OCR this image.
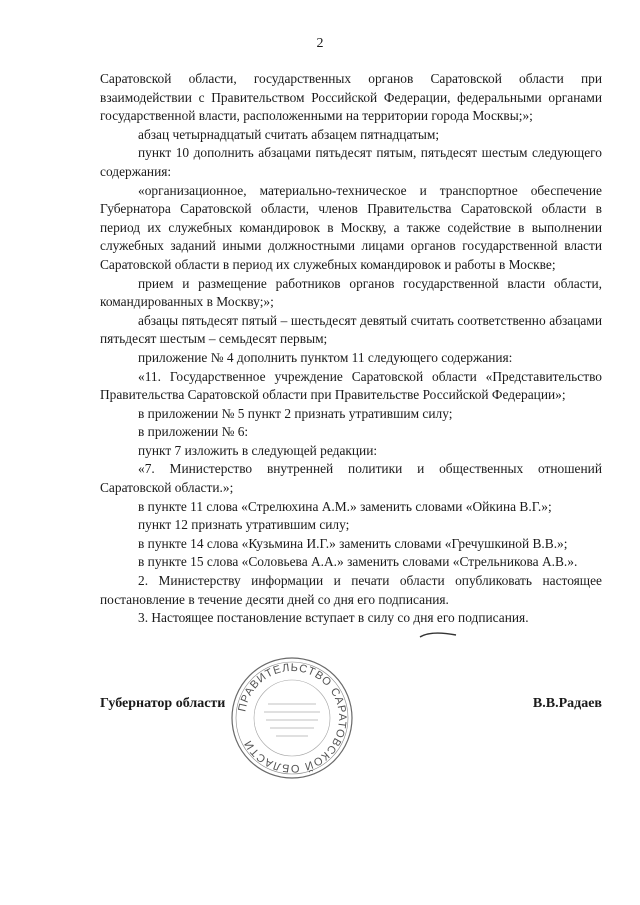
2

Саратовской области, государственных органов Саратовской области при взаимодействии с Правительством Российской Федерации, федеральными органами государственной власти, расположенными на территории города Москвы;»;

абзац четырнадцатый считать абзацем пятнадцатым;

пункт 10 дополнить абзацами пятьдесят пятым, пятьдесят шестым следующего содержания:

«организационное, материально-техническое и транспортное обеспечение Губернатора Саратовской области, членов Правительства Саратовской области в период их служебных командировок в Москву, а также содействие в выполнении служебных заданий иными должностными лицами органов государственной власти Саратовской области в период их служебных командировок и работы в Москве;

прием и размещение работников органов государственной власти области, командированных в Москву;»;

абзацы пятьдесят пятый – шестьдесят девятый считать соответственно абзацами пятьдесят шестым – семьдесят первым;

приложение № 4 дополнить пунктом 11 следующего содержания:

«11. Государственное учреждение Саратовской области «Представительство Правительства Саратовской области при Правительстве Российской Федерации»;

в приложении № 5 пункт 2 признать утратившим силу;

в приложении № 6:

пункт 7 изложить в следующей редакции:

«7. Министерство внутренней политики и общественных отношений Саратовской области.»;

в пункте 11 слова «Стрелюхина А.М.» заменить словами «Ойкина В.Г.»;

пункт 12 признать утратившим силу;

в пункте 14 слова «Кузьмина И.Г.» заменить словами «Гречушкиной В.В.»;

в пункте 15 слова «Соловьева А.А.» заменить словами «Стрельникова А.В.».

2. Министерству информации и печати области опубликовать настоящее постановление в течение десяти дней со дня его подписания.

3. Настоящее постановление вступает в силу со дня его подписания.

ПРАВИТЕЛЬСТВО САРАТОВСКОЙ ОБЛАСТИ
Губернатор области	В.В.Радаев
